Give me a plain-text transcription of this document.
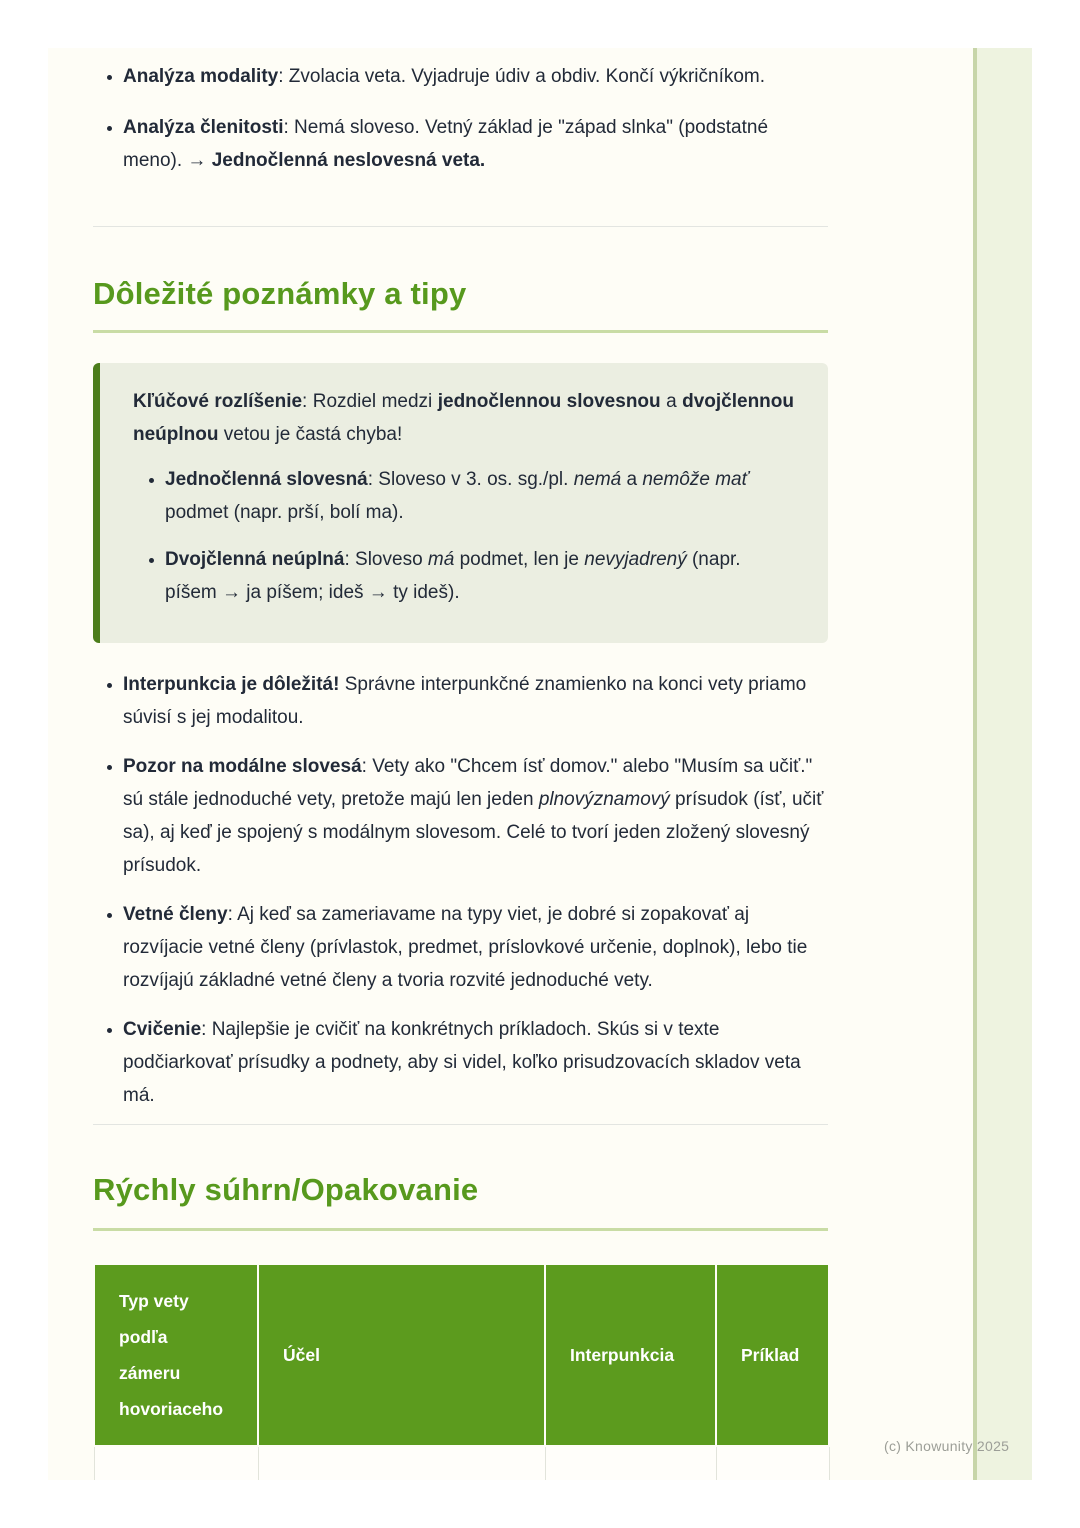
• Analýza modality: Zvolacia veta. Vyjadruje údiv a obdiv. Končí výkričníkom.
• Analýza členitosti: Nemá sloveso. Vetný základ je "západ slnka" (podstatné meno). → Jednočlenná neslovesná veta.
Dôležité poznámky a tipy
Kľúčové rozlíšenie: Rozdiel medzi jednočlennou slovesnou a dvojčlennou neúplnou vetou je častá chyba!
• Jednočlenná slovesná: Sloveso v 3. os. sg./pl. nemá a nemôže mať podmet (napr. prší, bolí ma).
• Dvojčlenná neúplná: Sloveso má podmet, len je nevyjadrený (napr. píšem → ja píšem; ideš → ty ideš).
• Interpunkcia je dôležitá! Správne interpunkčné znamienko na konci vety priamo súvisí s jej modalitou.
• Pozor na modálne slovesá: Vety ako "Chcem ísť domov." alebo "Musím sa učiť." sú stále jednoduché vety, pretože majú len jeden plnovýznamový prísudok (ísť, učiť sa), aj keď je spojený s modálnym slovesom. Celé to tvorí jeden zložený slovesný prísudok.
• Vetné členy: Aj keď sa zameriavame na typy viet, je dobré si zopakovať aj rozvíjacie vetné členy (prívlastok, predmet, príslovkové určenie, doplnok), lebo tie rozvíjajú základné vetné členy a tvoria rozvité jednoduché vety.
• Cvičenie: Najlepšie je cvičiť na konkrétnych príkladoch. Skús si v texte podčiarkovať prísudky a podnety, aby si videl, koľko prisudzovacích skladov veta má.
Rýchly súhrn/Opakovanie
Typ vety podľa zámeru hovoriaceho	Účel	Interpunkcia	Príklad

(c) Knowunity 2025
